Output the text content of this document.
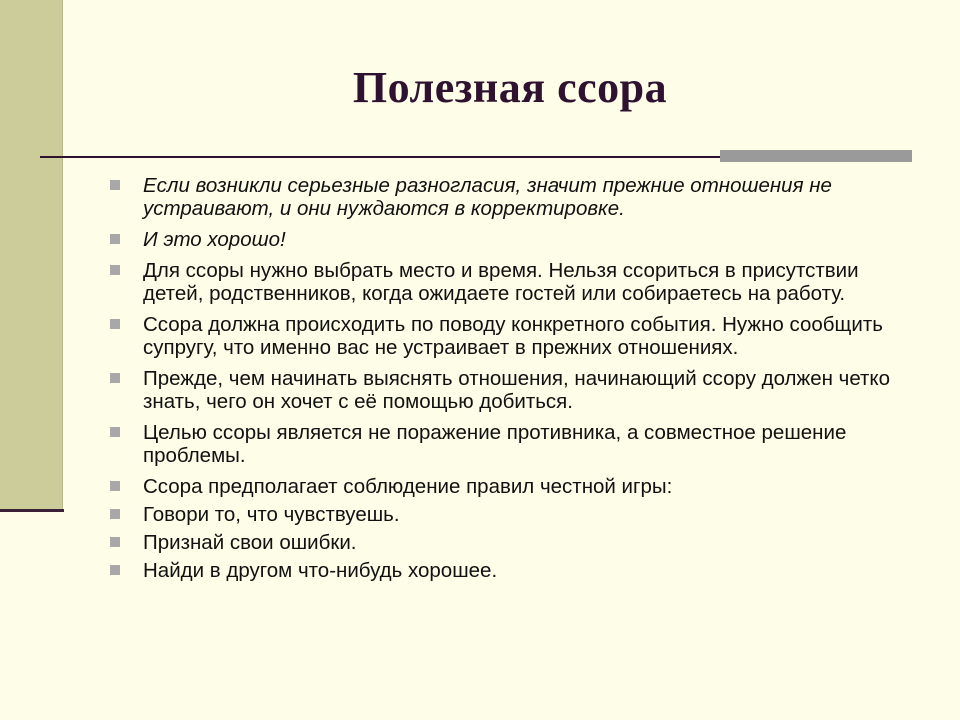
Полезная ссора
Если возникли серьезные разногласия, значит прежние отношения не устраивают, и они нуждаются в корректировке.
И это хорошо!
Для ссоры нужно выбрать место и время. Нельзя ссориться в присутствии детей, родственников, когда ожидаете гостей или собираетесь на работу.
Ссора должна происходить по поводу конкретного события. Нужно сообщить супругу, что именно вас не устраивает в прежних отношениях.
Прежде, чем начинать выяснять отношения, начинающий ссору должен четко знать, чего он хочет с её помощью добиться.
Целью ссоры является не поражение противника, а совместное решение проблемы.
Ссора предполагает соблюдение правил честной игры:
Говори то, что чувствуешь.
Признай свои ошибки.
Найди в другом что-нибудь хорошее.
